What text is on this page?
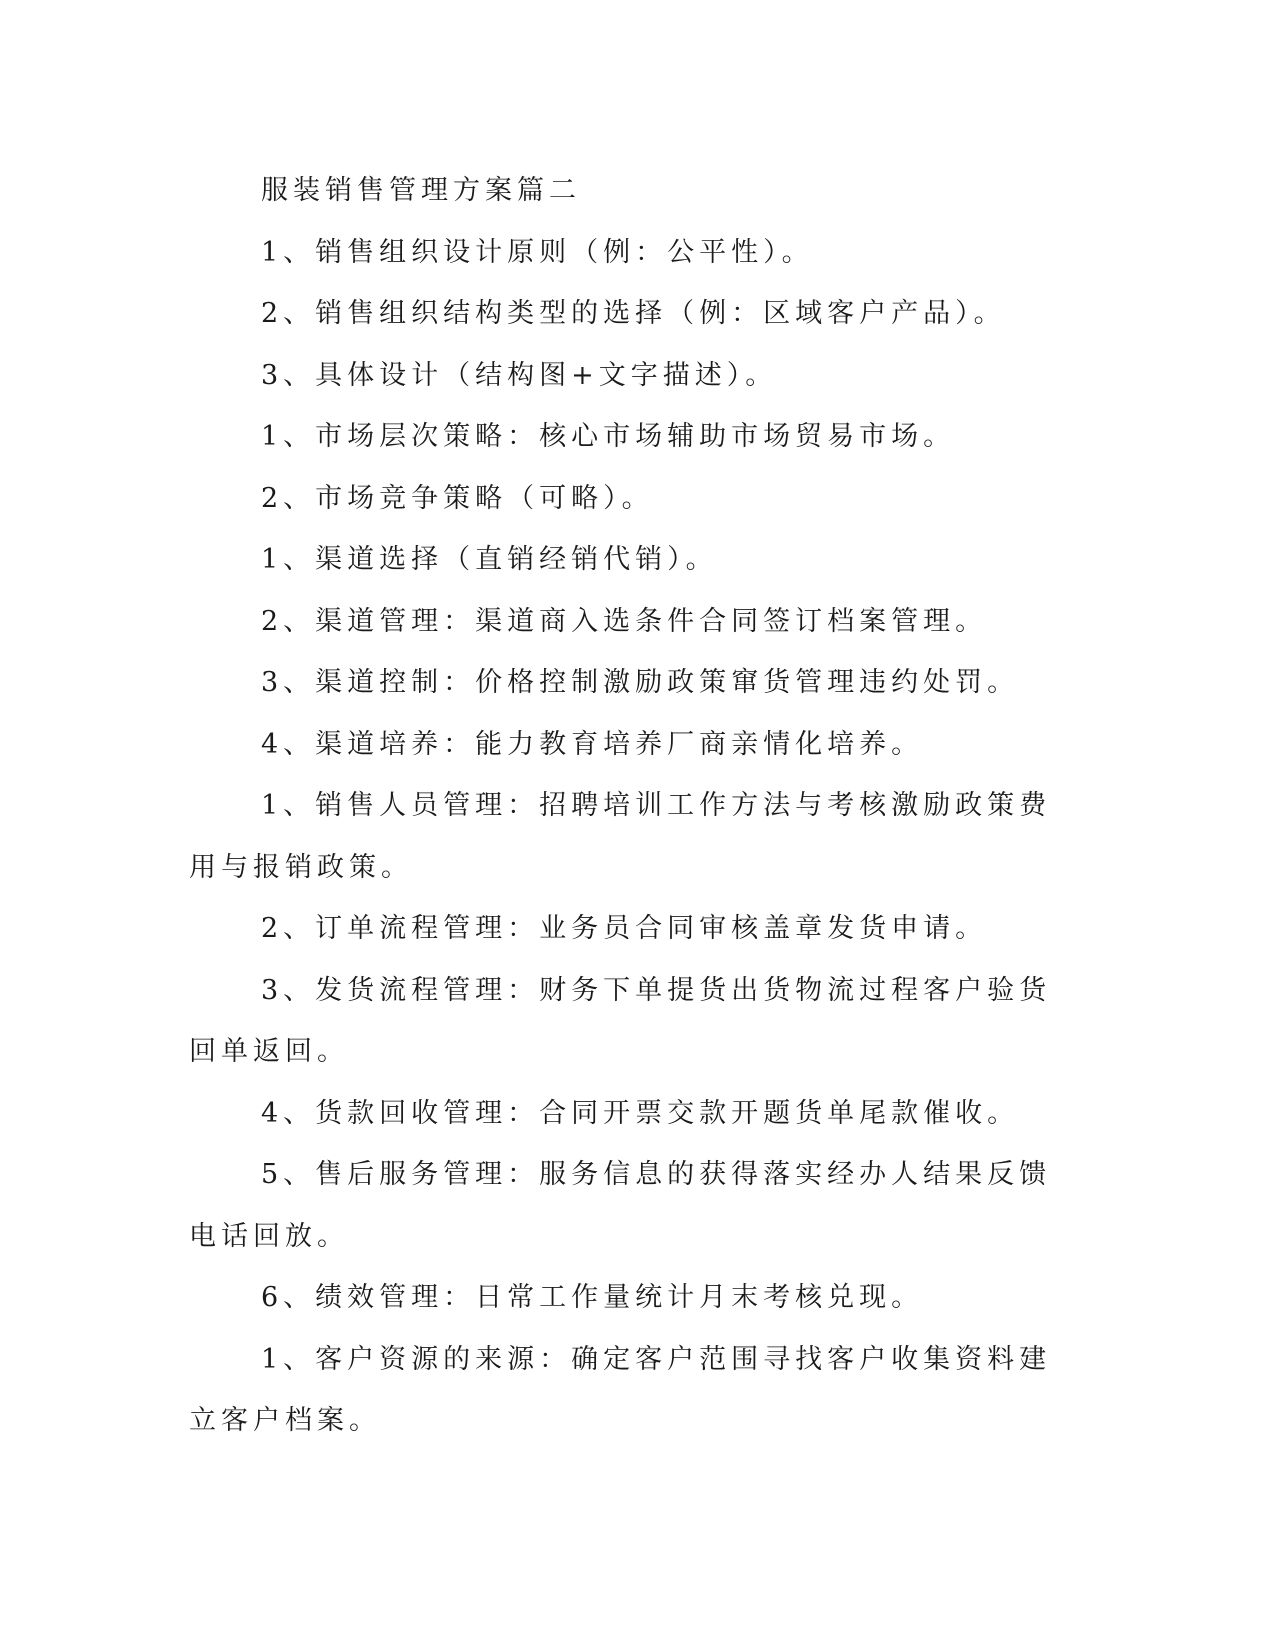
服装销售管理方案篇二

1、销售组织设计原则（例：公平性）。

2、销售组织结构类型的选择（例：区域客户产品）。

3、具体设计（结构图+文字描述）。

1、市场层次策略：核心市场辅助市场贸易市场。

2、市场竞争策略（可略）。

1、渠道选择（直销经销代销）。

2、渠道管理：渠道商入选条件合同签订档案管理。

3、渠道控制：价格控制激励政策窜货管理违约处罚。

4、渠道培养：能力教育培养厂商亲情化培养。

1、销售人员管理：招聘培训工作方法与考核激励政策费用与报销政策。

2、订单流程管理：业务员合同审核盖章发货申请。

3、发货流程管理：财务下单提货出货物流过程客户验货回单返回。

4、货款回收管理：合同开票交款开题货单尾款催收。

5、售后服务管理：服务信息的获得落实经办人结果反馈电话回放。

6、绩效管理：日常工作量统计月末考核兑现。

1、客户资源的来源：确定客户范围寻找客户收集资料建立客户档案。
